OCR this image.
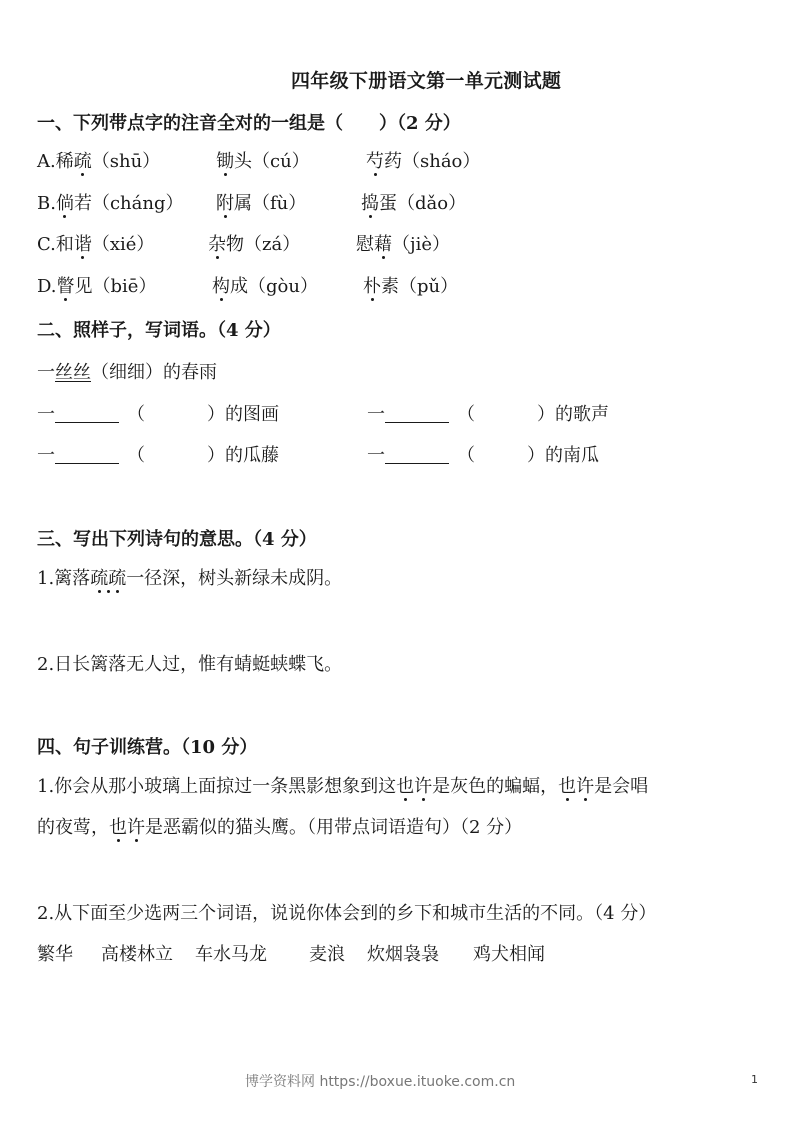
四年级下册语文第一单元测试题
一、下列带点字的注音全对的一组是（　　）（2 分）
A.稀疏（shū）	锄头（cú）	芍药（sháo）
B.倘若（cháng） 附属（fù）	捣蛋（dǎo）
C.和谐（xié）	杂物（zá）	慰藉（jiè）
D.瞥见（biē）	构成（gòu）	朴素（pǔ）
二、照样子，写词语。（4 分）
一丝丝（细细）的春雨
一	（	）的图画	一	（	）的歌声
一	（	）的瓜藤	一	（	）的南瓜
三、写出下列诗句的意思。（4 分）
1.篱落疏疏一径深，树头新绿未成阴。
2.日长篱落无人过，惟有蜻蜓蛱蝶飞。
四、句子训练营。（10 分）
1.你会从那小玻璃上面掠过一条黑影想象到这也许是灰色的蝙蝠，也许是会唱
的夜莺，也许是恶霸似的猫头鹰。（用带点词语造句）（2 分）
2.从下面至少选两三个词语，说说你体会到的乡下和城市生活的不同。（4 分）
繁华 高楼林立 车水马龙 麦浪 炊烟袅袅 鸡犬相闻
博学资料网 https://boxue.ituoke.com.cn	1
